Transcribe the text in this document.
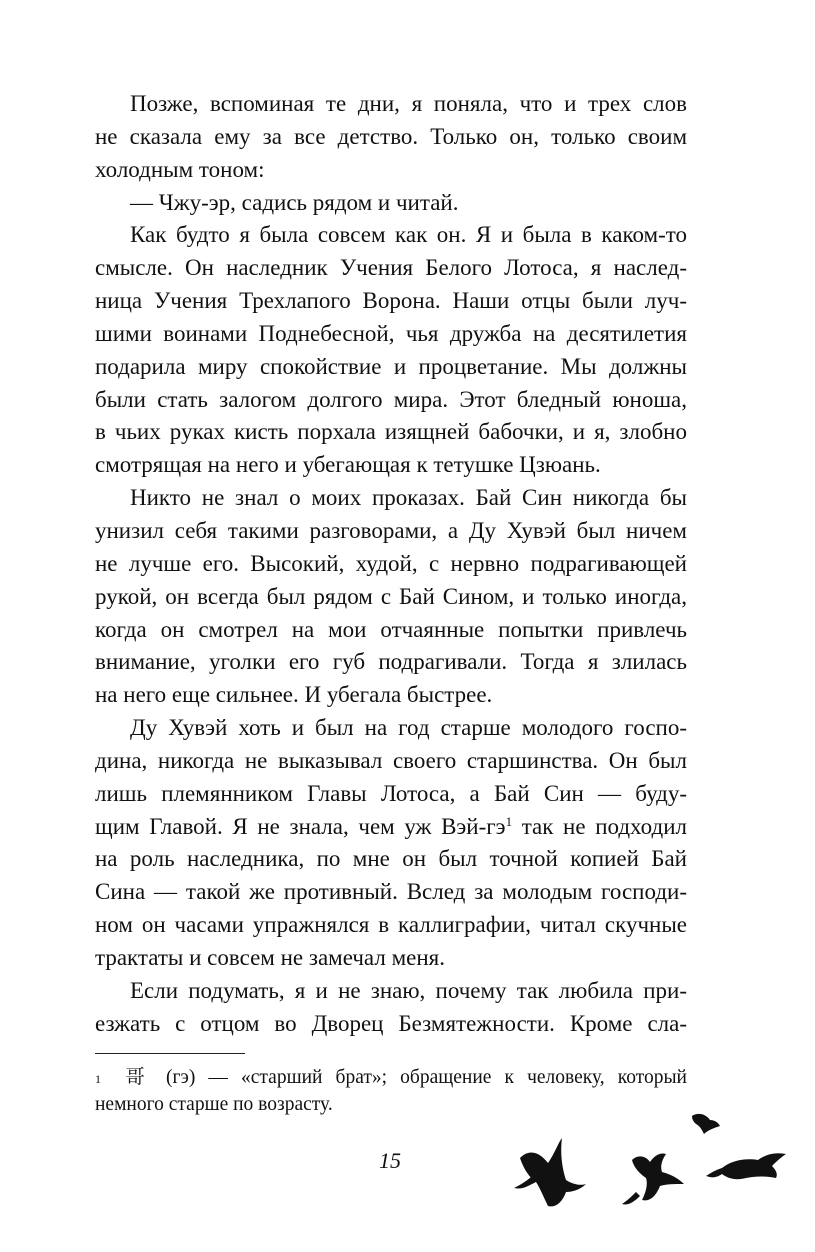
Позже, вспоминая те дни, я поняла, что и трех слов
не сказала ему за все детство. Только он, только своим
холодным тоном:
— Чжу-эр, садись рядом и читай.
Как будто я была совсем как он. Я и была в каком-то
смысле. Он наследник Учения Белого Лотоса, я наслед-
ница Учения Трехлапого Ворона. Наши отцы были луч-
шими воинами Поднебесной, чья дружба на десятилетия
подарила миру спокойствие и процветание. Мы должны
были стать залогом долгого мира. Этот бледный юноша,
в чьих руках кисть порхала изящней бабочки, и я, злобно
смотрящая на него и убегающая к тетушке Цзюань.
Никто не знал о моих проказах. Бай Син никогда бы
унизил себя такими разговорами, а Ду Хувэй был ничем
не лучше его. Высокий, худой, с нервно подрагивающей
рукой, он всегда был рядом с Бай Сином, и только иногда,
когда он смотрел на мои отчаянные попытки привлечь
внимание, уголки его губ подрагивали. Тогда я злилась
на него еще сильнее. И убегала быстрее.
Ду Хувэй хоть и был на год старше молодого госпо-
дина, никогда не выказывал своего старшинства. Он был
лишь племянником Главы Лотоса, а Бай Син — буду-
щим Главой. Я не знала, чем уж Вэй-$гэ^1$ так не подходил
на роль наследника, по мне он был точной копией Бай
Сина — такой же противный. Вслед за молодым господи-
ном он часами упражнялся в каллиграфии, читал скучные
трактаты и совсем не замечал меня.
Если подумать, я и не знаю, почему так любила при-
езжать с отцом во Дворец Безмятежности. Кроме сла-
$^1$ 哥 (гэ) — «старший брат»; обращение к человеку, который
немного старше по возрасту.
15
